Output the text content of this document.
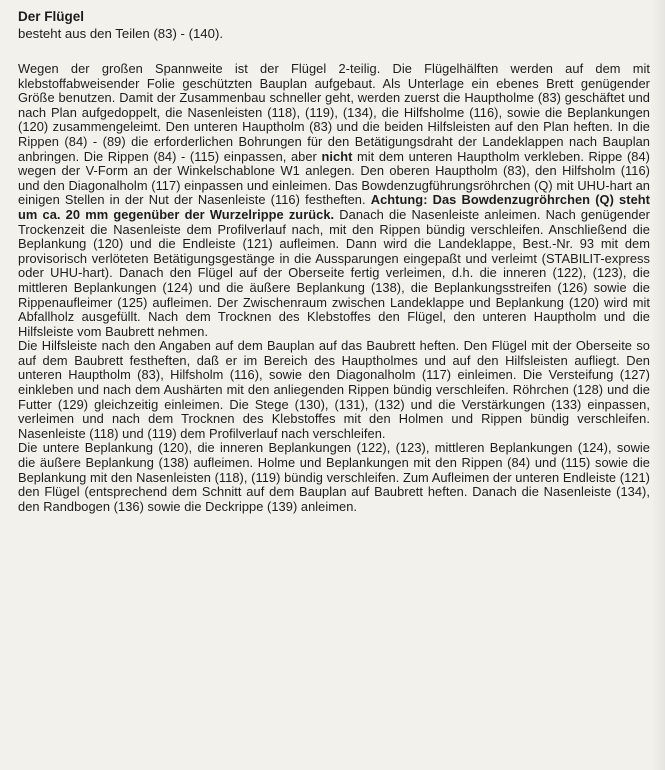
Der Flügel

besteht aus den Teilen (83) - (140).

Wegen der großen Spannweite ist der Flügel 2-teilig. Die Flügelhälften werden auf dem mit klebstoffabweisender Folie geschützten Bauplan aufgebaut. Als Unterlage ein ebenes Brett genügender Größe benutzen. Damit der Zusammenbau schneller geht, werden zuerst die Hauptholme (83) geschäftet und nach Plan aufgedoppelt, die Nasenleisten (118), (119), (134), die Hilfsholme (116), sowie die Beplankungen (120) zusammengeleimt. Den unteren Hauptholm (83) und die beiden Hilfsleisten auf den Plan heften. In die Rippen (84) - (89) die erforderlichen Bohrungen für den Betätigungsdraht der Landeklappen nach Bauplan anbringen. Die Rippen (84) - (115) einpassen, aber nicht mit dem unteren Hauptholm verkleben. Rippe (84) wegen der V-Form an der Winkelschablone W1 anlegen. Den oberen Hauptholm (83), den Hilfsholm (116) und den Diagonalholm (117) einpassen und einleimen. Das Bowdenzugführungsröhrchen (Q) mit UHU-hart an einigen Stellen in der Nut der Nasenleiste (116) festheften. Achtung: Das Bowdenzugröhrchen (Q) steht um ca. 20 mm gegenüber der Wurzelrippe zurück. Danach die Nasenleiste anleimen. Nach genügender Trockenzeit die Nasenleiste dem Profilverlauf nach, mit den Rippen bündig verschleifen. Anschließend die Beplankung (120) und die Endleiste (121) aufleimen. Dann wird die Landeklappe, Best.-Nr. 93 mit dem provisorisch verlöteten Betätigungsgestänge in die Aussparungen eingepaßt und verleimt (STABILIT-express oder UHU-hart). Danach den Flügel auf der Oberseite fertig verleimen, d.h. die inneren (122), (123), die mittleren Beplankungen (124) und die äußere Beplankung (138), die Beplankungsstreifen (126) sowie die Rippenaufleimer (125) aufleimen. Der Zwischenraum zwischen Landeklappe und Beplankung (120) wird mit Abfallholz ausgefüllt. Nach dem Trocknen des Klebstoffes den Flügel, den unteren Hauptholm und die Hilfsleiste vom Baubrett nehmen.

Die Hilfsleiste nach den Angaben auf dem Bauplan auf das Baubrett heften. Den Flügel mit der Oberseite so auf dem Baubrett festheften, daß er im Bereich des Hauptholmes und auf den Hilfsleisten aufliegt. Den unteren Hauptholm (83), Hilfsholm (116), sowie den Diagonalholm (117) einleimen. Die Versteifung (127) einkleben und nach dem Aushärten mit den anliegenden Rippen bündig verschleifen. Röhrchen (128) und die Futter (129) gleichzeitig einleimen. Die Stege (130), (131), (132) und die Verstärkungen (133) einpassen, verleimen und nach dem Trocknen des Klebstoffes mit den Holmen und Rippen bündig verschleifen. Nasenleiste (118) und (119) dem Profilverlauf nach verschleifen.

Die untere Beplankung (120), die inneren Beplankungen (122), (123), mittleren Beplankungen (124), sowie die äußere Beplankung (138) aufleimen. Holme und Beplankungen mit den Rippen (84) und (115) sowie die Beplankung mit den Nasenleisten (118), (119) bündig verschleifen. Zum Aufleimen der unteren Endleiste (121) den Flügel (entsprechend dem Schnitt auf dem Bauplan auf Baubrett heften. Danach die Nasenleiste (134), den Randbogen (136) sowie die Deckrippe (139) anleimen.
